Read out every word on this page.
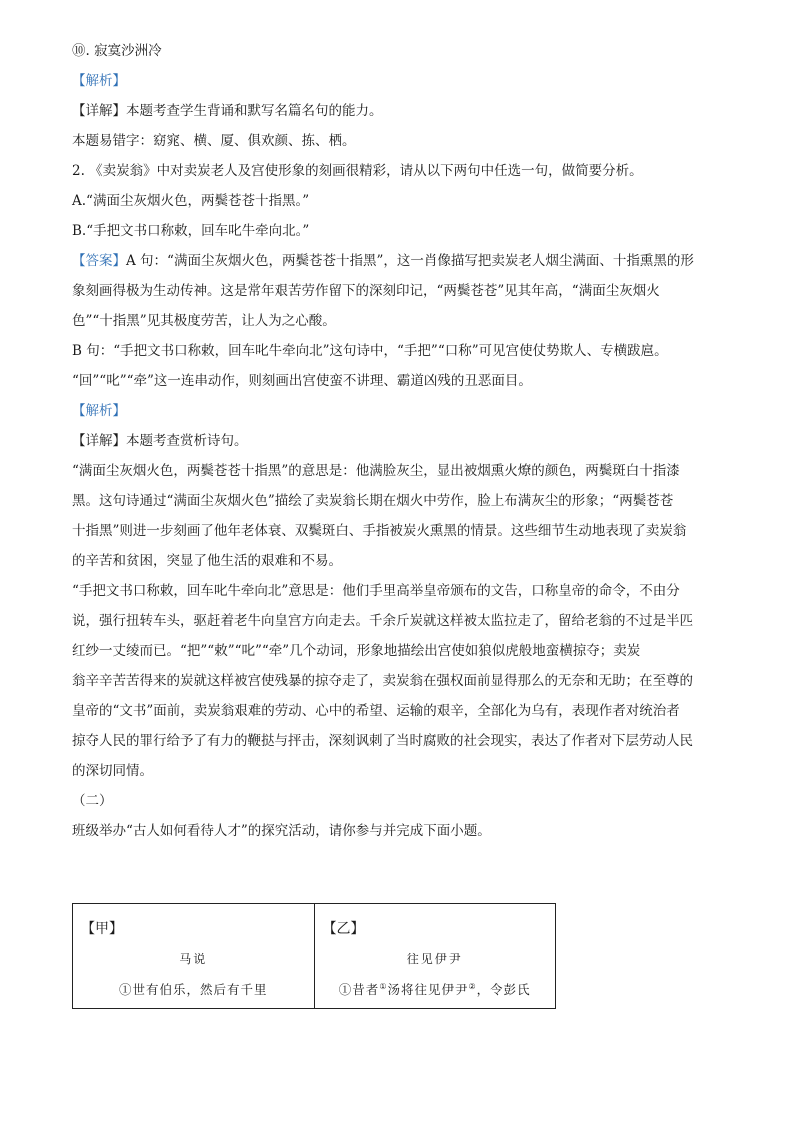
⑩. 寂寞沙洲冷
【解析】
【详解】本题考查学生背诵和默写名篇名句的能力。
本题易错字：窈窕、横、厦、俱欢颜、拣、栖。
2. 《卖炭翁》中对卖炭老人及宫使形象的刻画很精彩，请从以下两句中任选一句，做简要分析。
A.“满面尘灰烟火色，两鬓苍苍十指黑。”
B.“手把文书口称敕，回车叱牛牵向北。”
【答案】A 句：“满面尘灰烟火色，两鬓苍苍十指黑”，这一肖像描写把卖炭老人烟尘满面、十指熏黑的形
象刻画得极为生动传神。这是常年艰苦劳作留下的深刻印记，“两鬓苍苍”见其年高，“满面尘灰烟火
色”“十指黑”见其极度劳苦，让人为之心酸。
B 句：“手把文书口称敕，回车叱牛牵向北”这句诗中，“手把”“口称”可见宫使仗势欺人、专横跋扈。
“回”“叱”“牵”这一连串动作，则刻画出宫使蛮不讲理、霸道凶残的丑恶面目。
【解析】
【详解】本题考查赏析诗句。
“满面尘灰烟火色，两鬓苍苍十指黑”的意思是：他满脸灰尘，显出被烟熏火燎的颜色，两鬓斑白十指漆
黑。这句诗通过“满面尘灰烟火色”描绘了卖炭翁长期在烟火中劳作，脸上布满灰尘的形象；“两鬓苍苍
十指黑”则进一步刻画了他年老体衰、双鬓斑白、手指被炭火熏黑的情景。这些细节生动地表现了卖炭翁
的辛苦和贫困，突显了他生活的艰难和不易。
“手把文书口称敕，回车叱牛牵向北”意思是：他们手里高举皇帝颁布的文告，口称皇帝的命令，不由分
说，强行扭转车头，驱赶着老牛向皇宫方向走去。千余斤炭就这样被太监拉走了，留给老翁的不过是半匹
红纱一丈绫而已。“把”“敕”“叱”“牵”几个动词，形象地描绘出宫使如狼似虎般地蛮横掠夺；卖炭
翁辛辛苦苦得来的炭就这样被宫使残暴的掠夺走了，卖炭翁在强权面前显得那么的无奈和无助；在至尊的
皇帝的“文书”面前，卖炭翁艰难的劳动、心中的希望、运输的艰辛，全部化为乌有，表现作者对统治者
掠夺人民的罪行给予了有力的鞭挞与抨击，深刻讽刺了当时腐败的社会现实，表达了作者对下层劳动人民
的深切同情。
（二）
班级举办“古人如何看待人才”的探究活动，请你参与并完成下面小题。
【甲】
马说
①世有伯乐，然后有千里
【乙】
往见伊尹
①昔者①汤将往见伊尹②，令彭氏
